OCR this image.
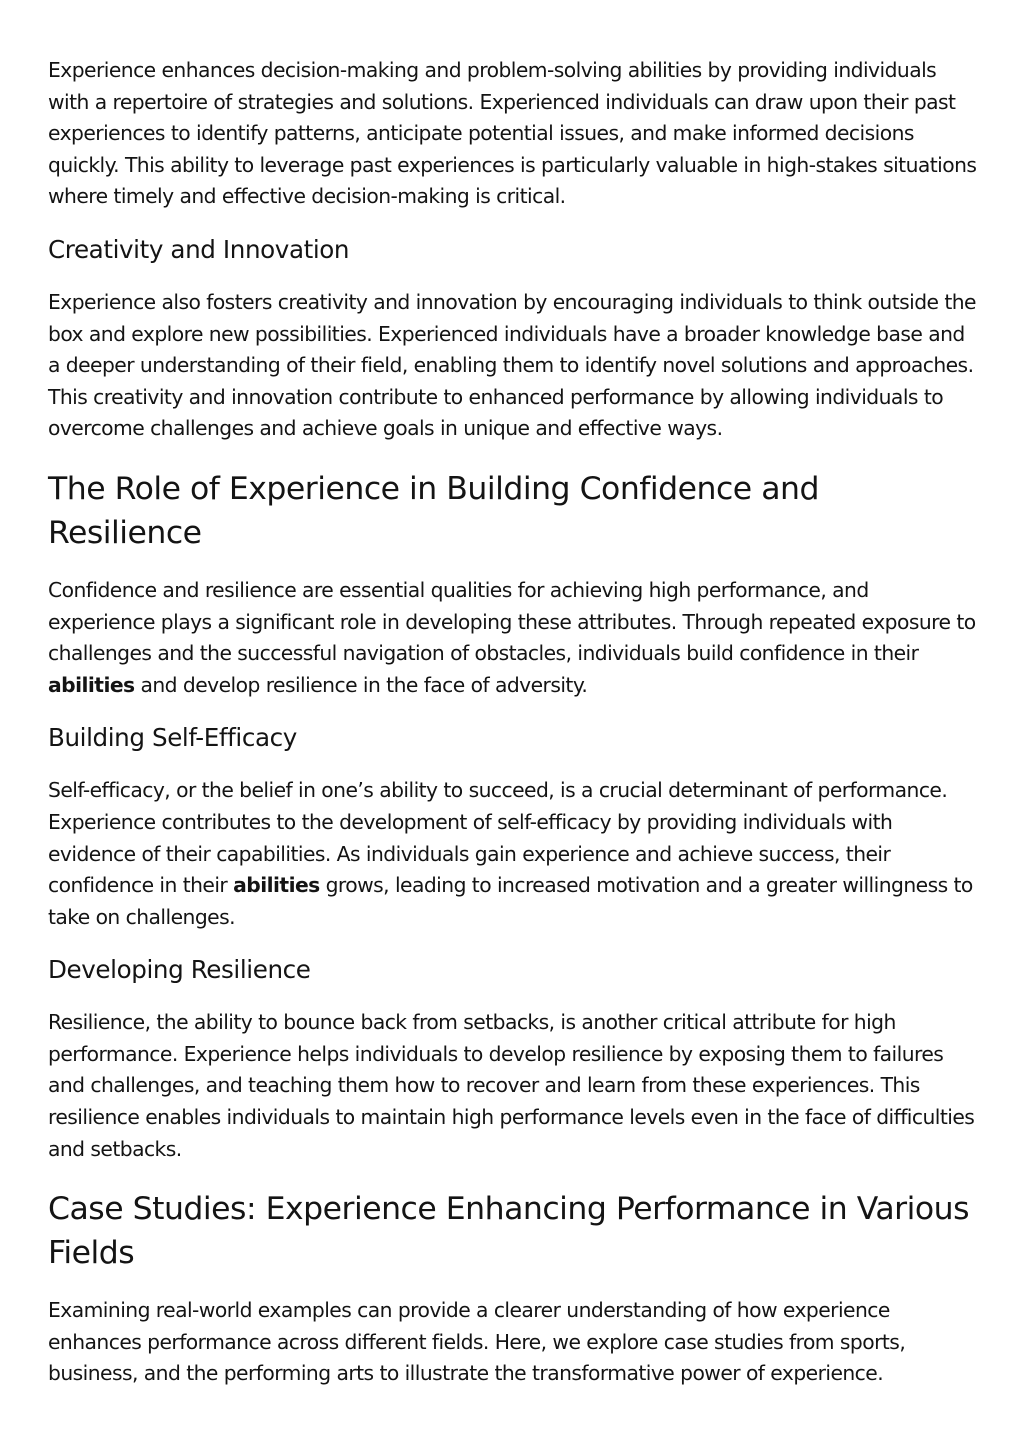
Experience enhances decision-making and problem-solving abilities by providing individuals with a repertoire of strategies and solutions. Experienced individuals can draw upon their past experiences to identify patterns, anticipate potential issues, and make informed decisions quickly. This ability to leverage past experiences is particularly valuable in high-stakes situations where timely and effective decision-making is critical.

Creativity and Innovation

Experience also fosters creativity and innovation by encouraging individuals to think outside the box and explore new possibilities. Experienced individuals have a broader knowledge base and a deeper understanding of their field, enabling them to identify novel solutions and approaches. This creativity and innovation contribute to enhanced performance by allowing individuals to overcome challenges and achieve goals in unique and effective ways.

The Role of Experience in Building Confidence and Resilience

Confidence and resilience are essential qualities for achieving high performance, and experience plays a significant role in developing these attributes. Through repeated exposure to challenges and the successful navigation of obstacles, individuals build confidence in their abilities and develop resilience in the face of adversity.

Building Self-Efficacy

Self-efficacy, or the belief in one’s ability to succeed, is a crucial determinant of performance. Experience contributes to the development of self-efficacy by providing individuals with evidence of their capabilities. As individuals gain experience and achieve success, their confidence in their abilities grows, leading to increased motivation and a greater willingness to take on challenges.

Developing Resilience

Resilience, the ability to bounce back from setbacks, is another critical attribute for high performance. Experience helps individuals to develop resilience by exposing them to failures and challenges, and teaching them how to recover and learn from these experiences. This resilience enables individuals to maintain high performance levels even in the face of difficulties and setbacks.

Case Studies: Experience Enhancing Performance in Various Fields

Examining real-world examples can provide a clearer understanding of how experience enhances performance across different fields. Here, we explore case studies from sports, business, and the performing arts to illustrate the transformative power of experience.
